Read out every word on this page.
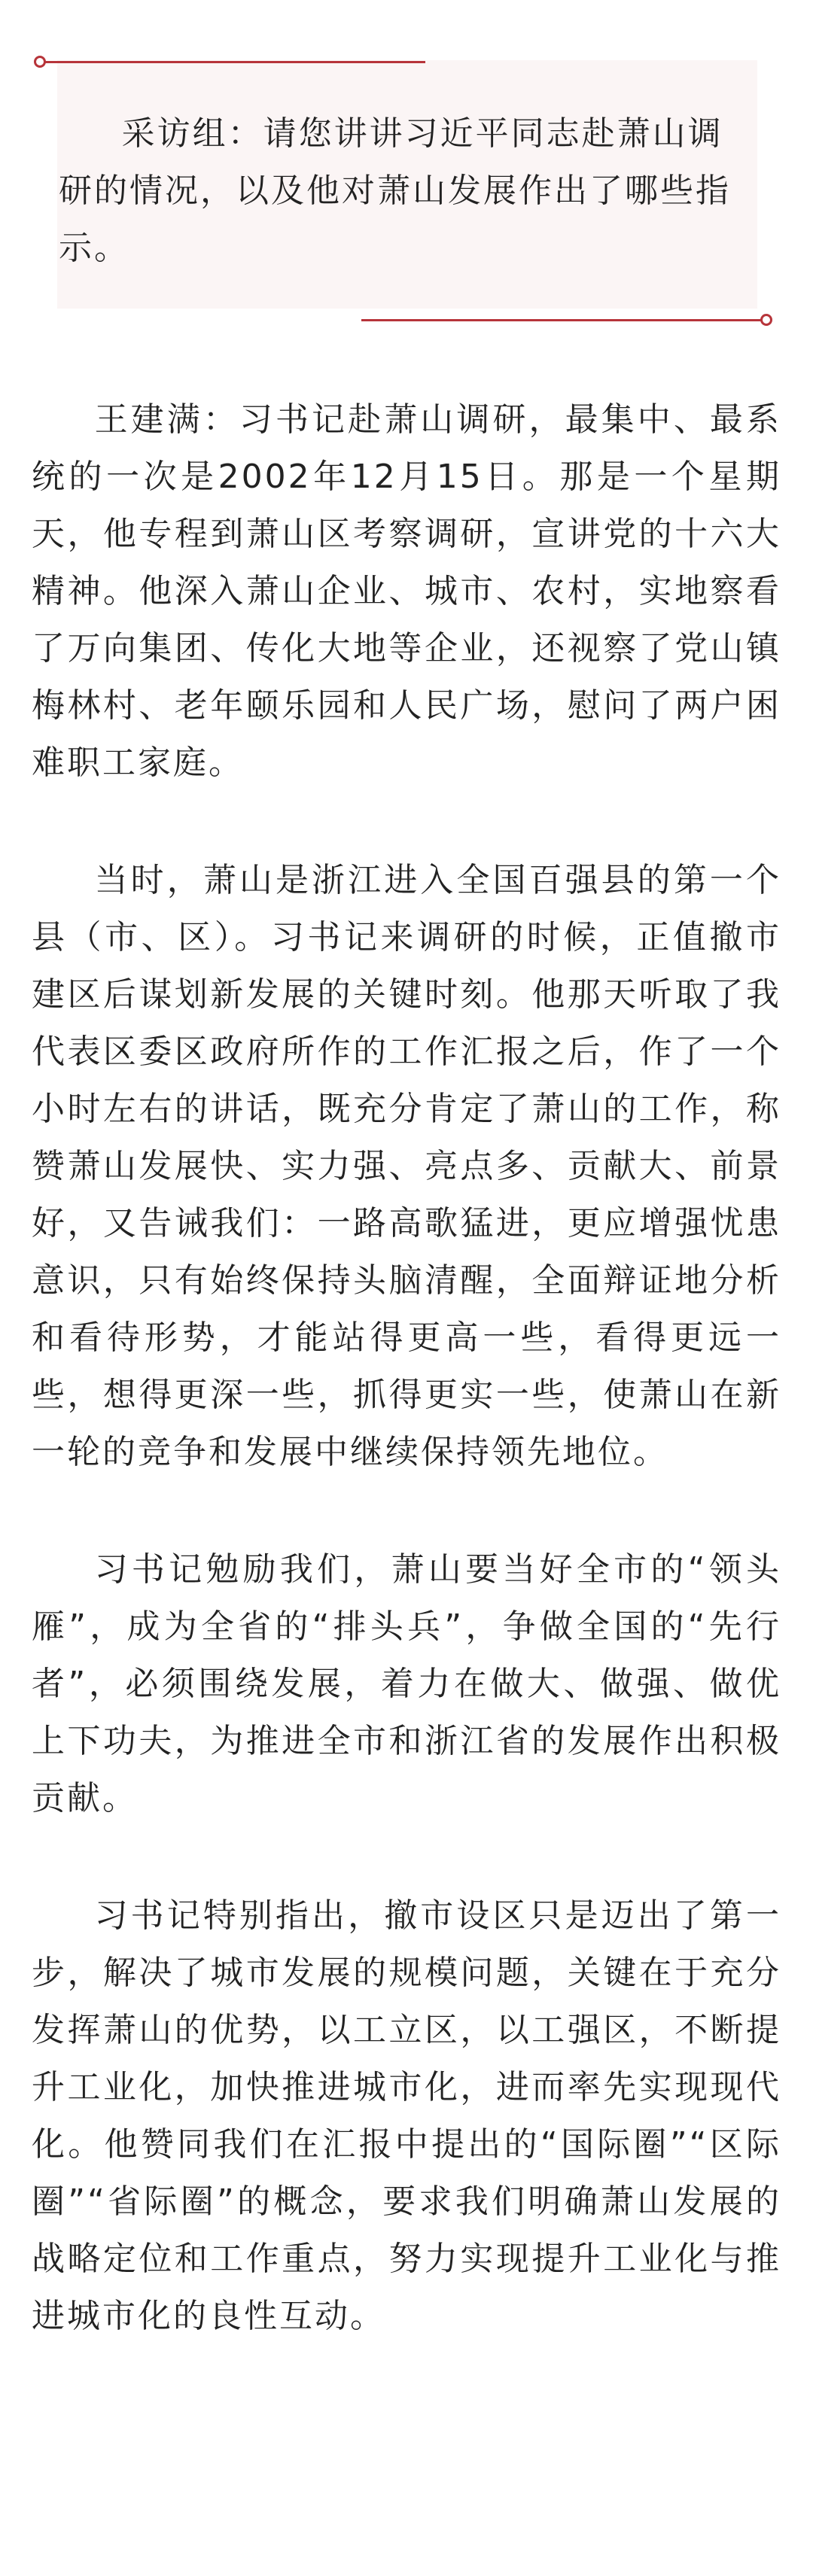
采访组：请您讲讲习近平同志赴萧山调研的情况，以及他对萧山发展作出了哪些指示。

王建满：习书记赴萧山调研，最集中、最系统的一次是2002年12月15日。那是一个星期天，他专程到萧山区考察调研，宣讲党的十六大精神。他深入萧山企业、城市、农村，实地察看了万向集团、传化大地等企业，还视察了党山镇梅林村、老年颐乐园和人民广场，慰问了两户困难职工家庭。

当时，萧山是浙江进入全国百强县的第一个县（市、区）。习书记来调研的时候，正值撤市建区后谋划新发展的关键时刻。他那天听取了我代表区委区政府所作的工作汇报之后，作了一个小时左右的讲话，既充分肯定了萧山的工作，称赞萧山发展快、实力强、亮点多、贡献大、前景好，又告诫我们：一路高歌猛进，更应增强忧患意识，只有始终保持头脑清醒，全面辩证地分析和看待形势，才能站得更高一些，看得更远一些，想得更深一些，抓得更实一些，使萧山在新一轮的竞争和发展中继续保持领先地位。

习书记勉励我们，萧山要当好全市的“领头雁”，成为全省的“排头兵”，争做全国的“先行者”，必须围绕发展，着力在做大、做强、做优上下功夫，为推进全市和浙江省的发展作出积极贡献。

习书记特别指出，撤市设区只是迈出了第一步，解决了城市发展的规模问题，关键在于充分发挥萧山的优势，以工立区，以工强区，不断提升工业化，加快推进城市化，进而率先实现现代化。他赞同我们在汇报中提出的“国际圈”“区际圈”“省际圈”的概念，要求我们明确萧山发展的战略定位和工作重点，努力实现提升工业化与推进城市化的良性互动。
